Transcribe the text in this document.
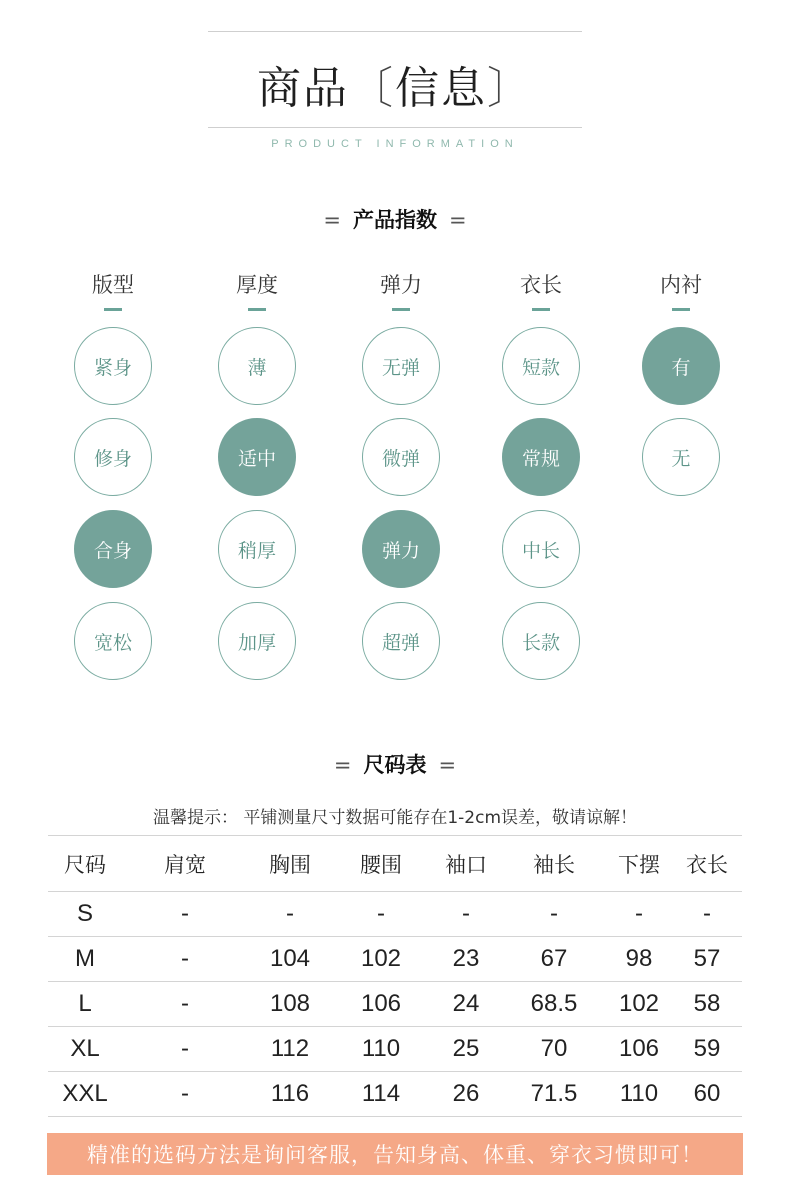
商品〔信息〕
PRODUCT INFORMATION
= 产品指数 =
版型
紧身
修身
合身
宽松
厚度
薄
适中
稍厚
加厚
弹力
无弹
微弹
弹力
超弹
衣长
短款
常规
中长
长款
内衬
有
无
= 尺码表 =
温馨提示： 平铺测量尺寸数据可能存在1-2cm误差，敬请谅解！
尺码	肩宽	胸围	腰围	袖口	袖长	下摆	衣长
S	-	-	-	-	-	-	-
M	-	104	102	23	67	98	57
L	-	108	106	24	68.5	102	58
XL	-	112	110	25	70	106	59
XXL	-	116	114	26	71.5	110	60
精准的选码方法是询问客服，告知身高、体重、穿衣习惯即可！
